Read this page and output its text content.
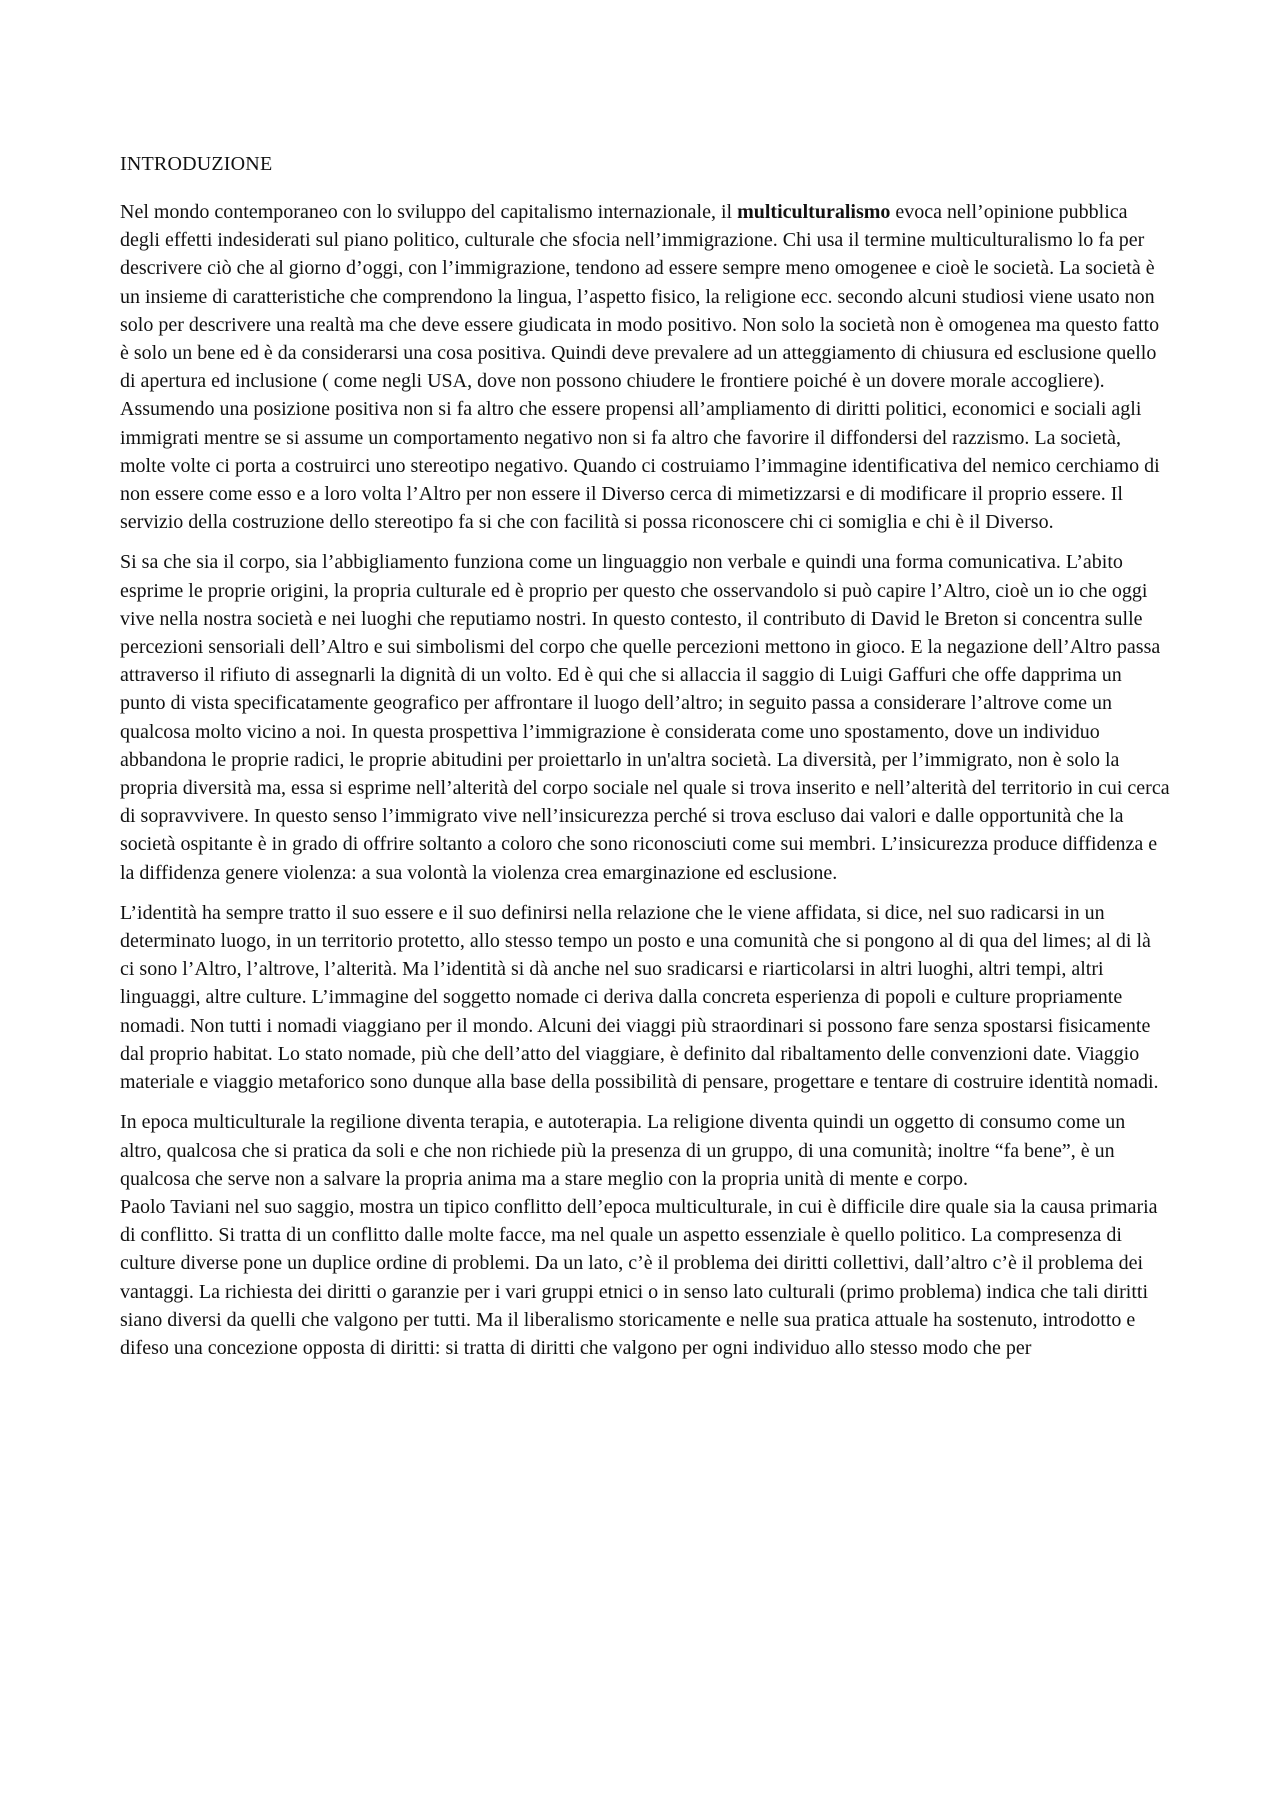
INTRODUZIONE

Nel mondo contemporaneo con lo sviluppo del capitalismo internazionale, il multiculturalismo evoca nell’opinione pubblica degli effetti indesiderati sul piano politico, culturale che sfocia nell’immigrazione. Chi usa il termine multiculturalismo lo fa per descrivere ciò che al giorno d’oggi, con l’immigrazione, tendono ad essere sempre meno omogenee e cioè le società. La società è un insieme di caratteristiche che comprendono la lingua, l’aspetto fisico, la religione ecc. secondo alcuni studiosi viene usato non solo per descrivere una realtà ma che deve essere giudicata in modo positivo. Non solo la società non è omogenea ma questo fatto è solo un bene ed è da considerarsi una cosa positiva. Quindi deve prevalere ad un atteggiamento di chiusura ed esclusione quello di apertura ed inclusione ( come negli USA, dove non possono chiudere le frontiere poiché è un dovere morale accogliere). Assumendo una posizione positiva non si fa altro che essere propensi all’ampliamento di diritti politici, economici e sociali agli immigrati mentre se si assume un comportamento negativo non si fa altro che favorire il diffondersi del razzismo. La società, molte volte ci porta a costruirci uno stereotipo negativo. Quando ci costruiamo l’immagine identificativa del nemico cerchiamo di non essere come esso e a loro volta l’Altro per non essere il Diverso cerca di mimetizzarsi e di modificare il proprio essere. Il servizio della costruzione dello stereotipo fa si che con facilità si possa riconoscere chi ci somiglia e chi è il Diverso.

Si sa che sia il corpo, sia l’abbigliamento funziona come un linguaggio non verbale e quindi una forma comunicativa. L’abito esprime le proprie origini, la propria culturale ed è proprio per questo che osservandolo si può capire l’Altro, cioè un io che oggi vive nella nostra società e nei luoghi che reputiamo nostri. In questo contesto, il contributo di David le Breton si concentra sulle percezioni sensoriali dell’Altro e sui simbolismi del corpo che quelle percezioni mettono in gioco. E la negazione dell’Altro passa attraverso il rifiuto di assegnarli la dignità di un volto. Ed è qui che si allaccia il saggio di Luigi Gaffuri che offe dapprima un punto di vista specificatamente geografico per affrontare il luogo dell’altro; in seguito passa a considerare l’altrove come un qualcosa molto vicino a noi. In questa prospettiva l’immigrazione è considerata come uno spostamento, dove un individuo abbandona le proprie radici, le proprie abitudini per proiettarlo in un'altra società. La diversità, per l’immigrato, non è solo la propria diversità ma, essa si esprime nell’alterità del corpo sociale nel quale si trova inserito e nell’alterità del territorio in cui cerca di sopravvivere. In questo senso l’immigrato vive nell’insicurezza perché si trova escluso dai valori e dalle opportunità che la società ospitante è in grado di offrire soltanto a coloro che sono riconosciuti come sui membri. L’insicurezza produce diffidenza e la diffidenza genere violenza: a sua volontà la violenza crea emarginazione ed esclusione.

L’identità ha sempre tratto il suo essere e il suo definirsi nella relazione che le viene affidata, si dice, nel suo radicarsi in un determinato luogo, in un territorio protetto, allo stesso tempo un posto e una comunità che si pongono al di qua del limes; al di là ci sono l’Altro, l’altrove, l’alterità. Ma l’identità si dà anche nel suo sradicarsi e riarticolarsi in altri luoghi, altri tempi, altri linguaggi, altre culture. L’immagine del soggetto nomade ci deriva dalla concreta esperienza di popoli e culture propriamente nomadi. Non tutti i nomadi viaggiano per il mondo. Alcuni dei viaggi più straordinari si possono fare senza spostarsi fisicamente dal proprio habitat. Lo stato nomade, più che dell’atto del viaggiare, è definito dal ribaltamento delle convenzioni date. Viaggio materiale e viaggio metaforico sono dunque alla base della possibilità di pensare, progettare e tentare di costruire identità nomadi.

In epoca multiculturale la regilione diventa terapia, e autoterapia. La religione diventa quindi un oggetto di consumo come un altro, qualcosa che si pratica da soli e che non richiede più la presenza di un gruppo, di una comunità; inoltre “fa bene”, è un qualcosa che serve non a salvare la propria anima ma a stare meglio con la propria unità di mente e corpo.

Paolo Taviani nel suo saggio, mostra un tipico conflitto dell’epoca multiculturale, in cui è difficile dire quale sia la causa primaria di conflitto. Si tratta di un conflitto dalle molte facce, ma nel quale un aspetto essenziale è quello politico. La compresenza di culture diverse pone un duplice ordine di problemi. Da un lato, c’è il problema dei diritti collettivi, dall’altro c’è il problema dei vantaggi. La richiesta dei diritti o garanzie per i vari gruppi etnici o in senso lato culturali (primo problema) indica che tali diritti siano diversi da quelli che valgono per tutti. Ma il liberalismo storicamente e nelle sua pratica attuale ha sostenuto, introdotto e difeso una concezione opposta di diritti: si tratta di diritti che valgono per ogni individuo allo stesso modo che per
